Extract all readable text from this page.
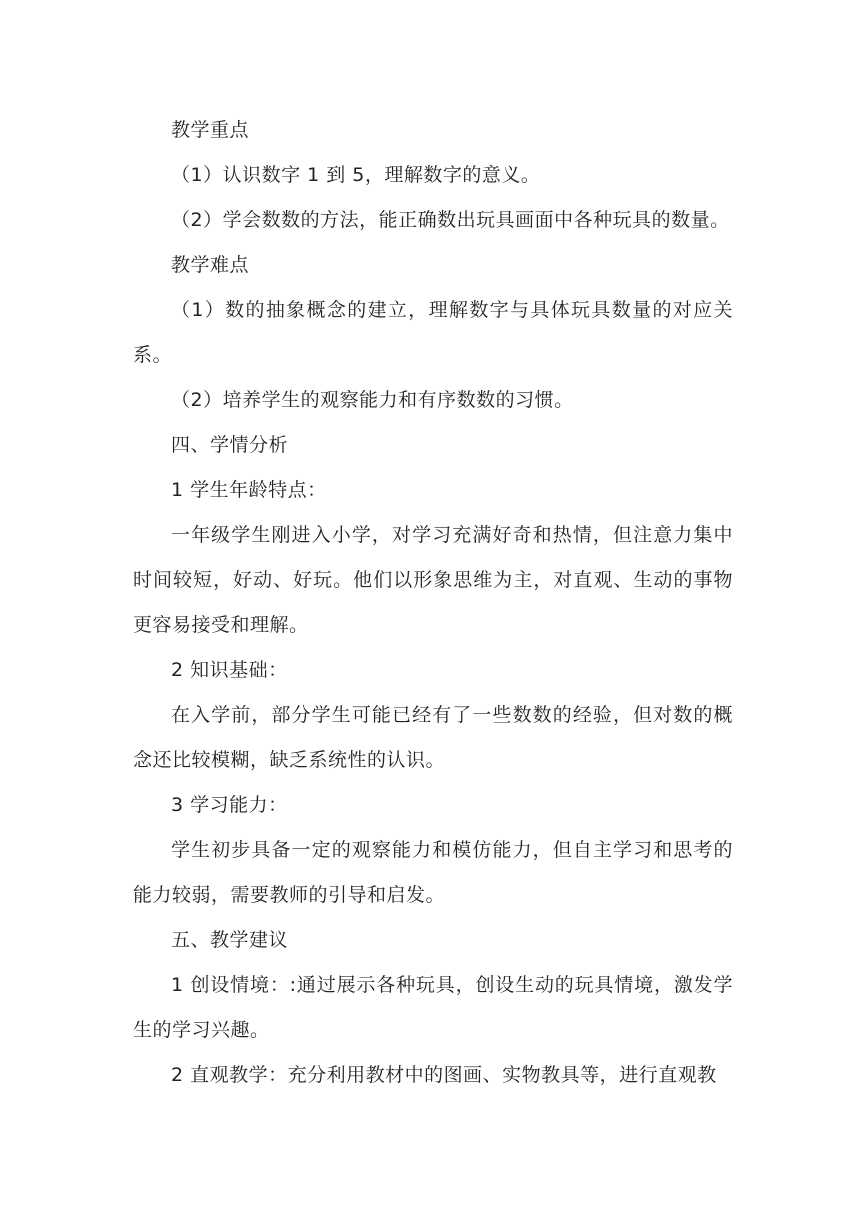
教学重点

（1）认识数字 1 到 5，理解数字的意义。

（2）学会数数的方法，能正确数出玩具画面中各种玩具的数量。

教学难点

（1）数的抽象概念的建立，理解数字与具体玩具数量的对应关系。

（2）培养学生的观察能力和有序数数的习惯。

四、学情分析

1 学生年龄特点：

一年级学生刚进入小学，对学习充满好奇和热情，但注意力集中时间较短，好动、好玩。他们以形象思维为主，对直观、生动的事物更容易接受和理解。

2 知识基础：

在入学前，部分学生可能已经有了一些数数的经验，但对数的概念还比较模糊，缺乏系统性的认识。

3 学习能力：

学生初步具备一定的观察能力和模仿能力，但自主学习和思考的能力较弱，需要教师的引导和启发。

五、教学建议

1 创设情境：:通过展示各种玩具，创设生动的玩具情境，激发学生的学习兴趣。

2 直观教学：充分利用教材中的图画、实物教具等，进行直观教
